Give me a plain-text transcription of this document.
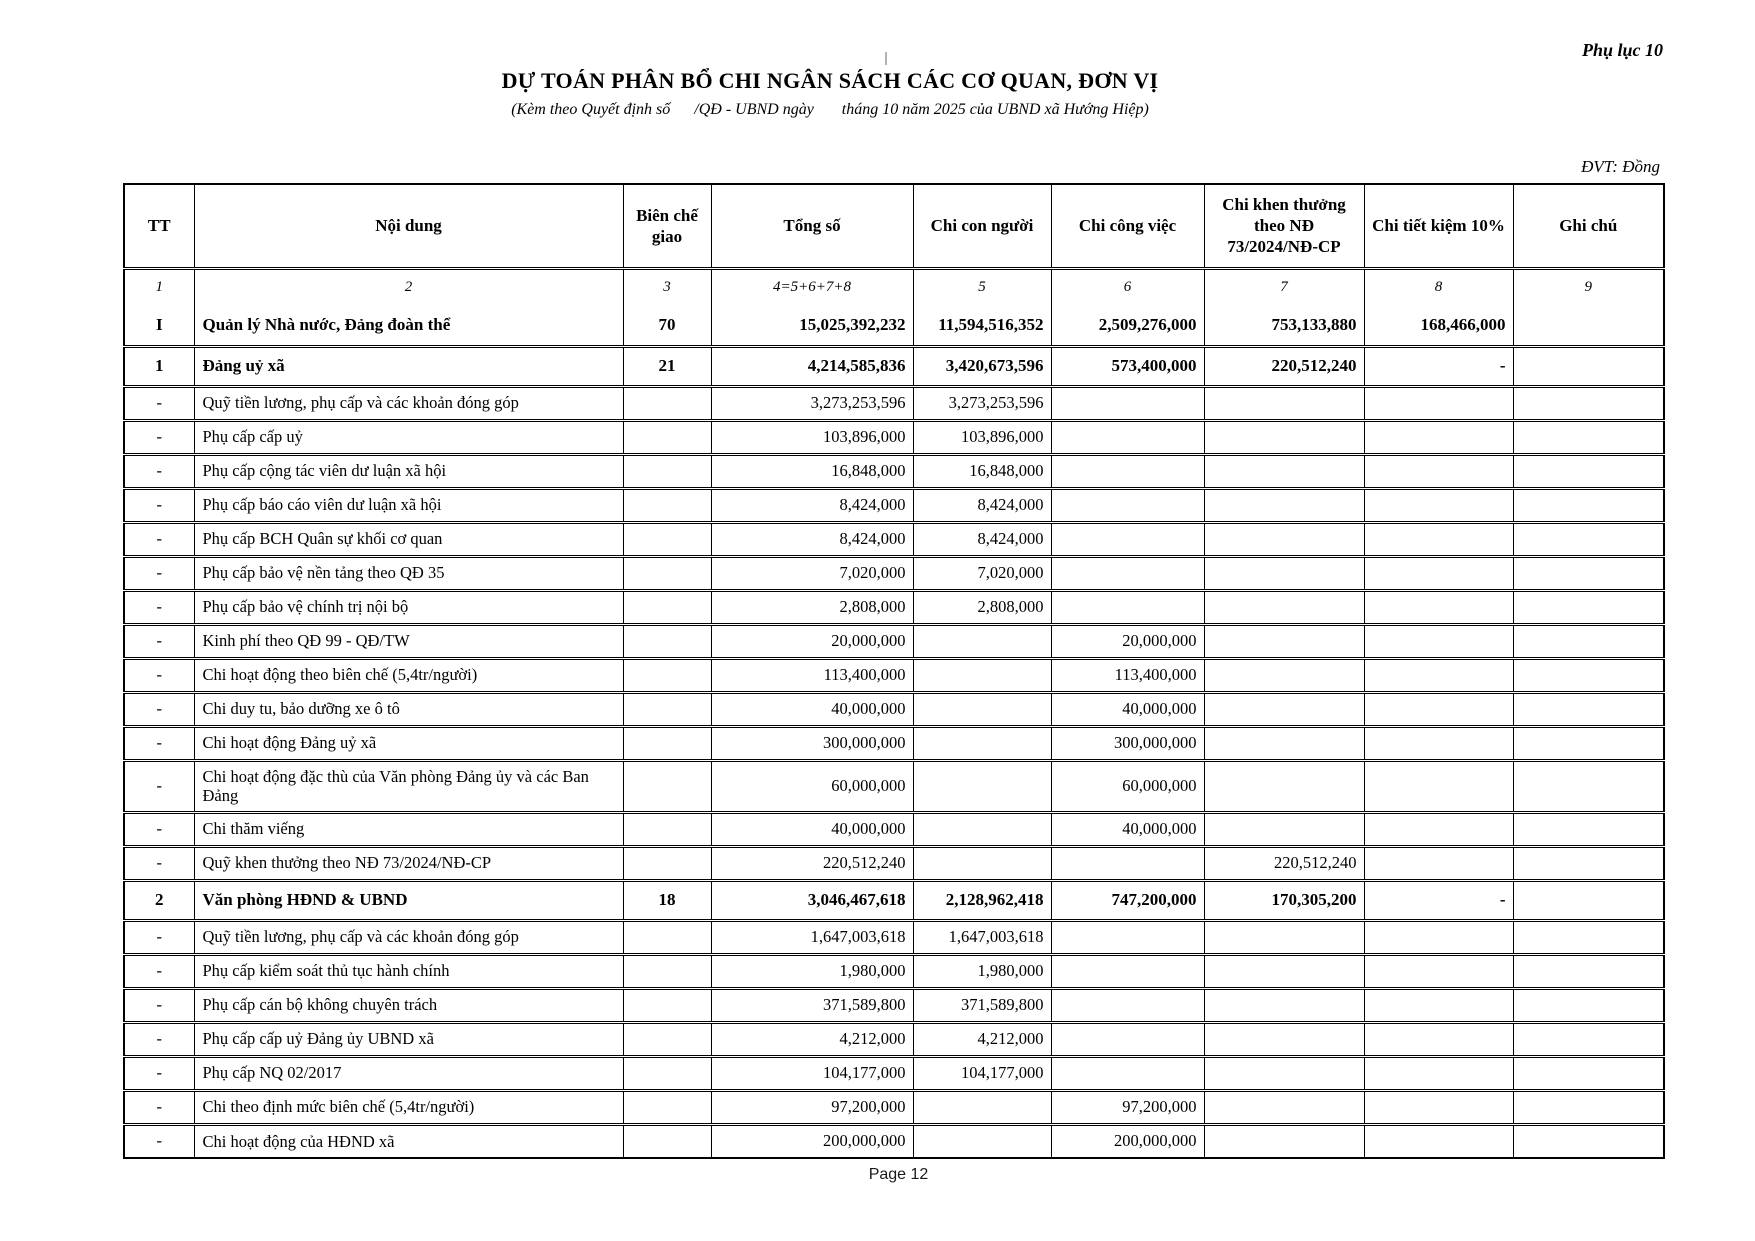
Phụ lục 10
DỰ TOÁN PHÂN BỔ CHI NGÂN SÁCH CÁC CƠ QUAN, ĐƠN VỊ
(Kèm theo Quyết định số      /QĐ - UBND ngày       tháng 10 năm 2025 của UBND xã Hướng Hiệp)
ĐVT: Đồng
TT	Nội dung	Biên chế giao	Tổng số	Chi con người	Chi công việc	Chi khen thưởng theo NĐ 73/2024/NĐ-CP	Chi tiết kiệm 10%	Ghi chú
1	2	3	4=5+6+7+8	5	6	7	8	9
I	Quản lý Nhà nước, Đảng đoàn thể	70	15,025,392,232	11,594,516,352	2,509,276,000	753,133,880	168,466,000	
1	Đảng uỷ xã	21	4,214,585,836	3,420,673,596	573,400,000	220,512,240	-	
-	Quỹ tiền lương, phụ cấp và các khoản đóng góp		3,273,253,596	3,273,253,596				
-	Phụ cấp cấp uỷ		103,896,000	103,896,000				
-	Phụ cấp cộng tác viên dư luận xã hội		16,848,000	16,848,000				
-	Phụ cấp báo cáo viên dư luận xã hội		8,424,000	8,424,000				
-	Phụ cấp BCH Quân sự khối cơ quan		8,424,000	8,424,000				
-	Phụ cấp bảo vệ nền tảng theo QĐ 35		7,020,000	7,020,000				
-	Phụ cấp bảo vệ chính trị nội bộ		2,808,000	2,808,000				
-	Kinh phí theo QĐ 99 - QĐ/TW		20,000,000		20,000,000			
-	Chi hoạt động theo biên chế (5,4tr/người)		113,400,000		113,400,000			
-	Chi duy tu, bảo dưỡng xe ô tô		40,000,000		40,000,000			
-	Chi hoạt động Đảng uỷ xã		300,000,000		300,000,000			
-	Chi hoạt động đặc thù của Văn phòng Đảng ủy và các Ban Đảng		60,000,000		60,000,000			
-	Chi thăm viếng		40,000,000		40,000,000			
-	Quỹ khen thưởng theo NĐ 73/2024/NĐ-CP		220,512,240			220,512,240		
2	Văn phòng HĐND & UBND	18	3,046,467,618	2,128,962,418	747,200,000	170,305,200	-	
-	Quỹ tiền lương, phụ cấp và các khoản đóng góp		1,647,003,618	1,647,003,618				
-	Phụ cấp kiểm soát thủ tục hành chính		1,980,000	1,980,000				
-	Phụ cấp cán bộ không chuyên trách		371,589,800	371,589,800				
-	Phụ cấp cấp uỷ Đảng ủy UBND xã		4,212,000	4,212,000				
-	Phụ cấp NQ 02/2017		104,177,000	104,177,000				
-	Chi theo định mức biên chế (5,4tr/người)		97,200,000		97,200,000			
-	Chi hoạt động của HĐND xã		200,000,000		200,000,000			
Page 12
